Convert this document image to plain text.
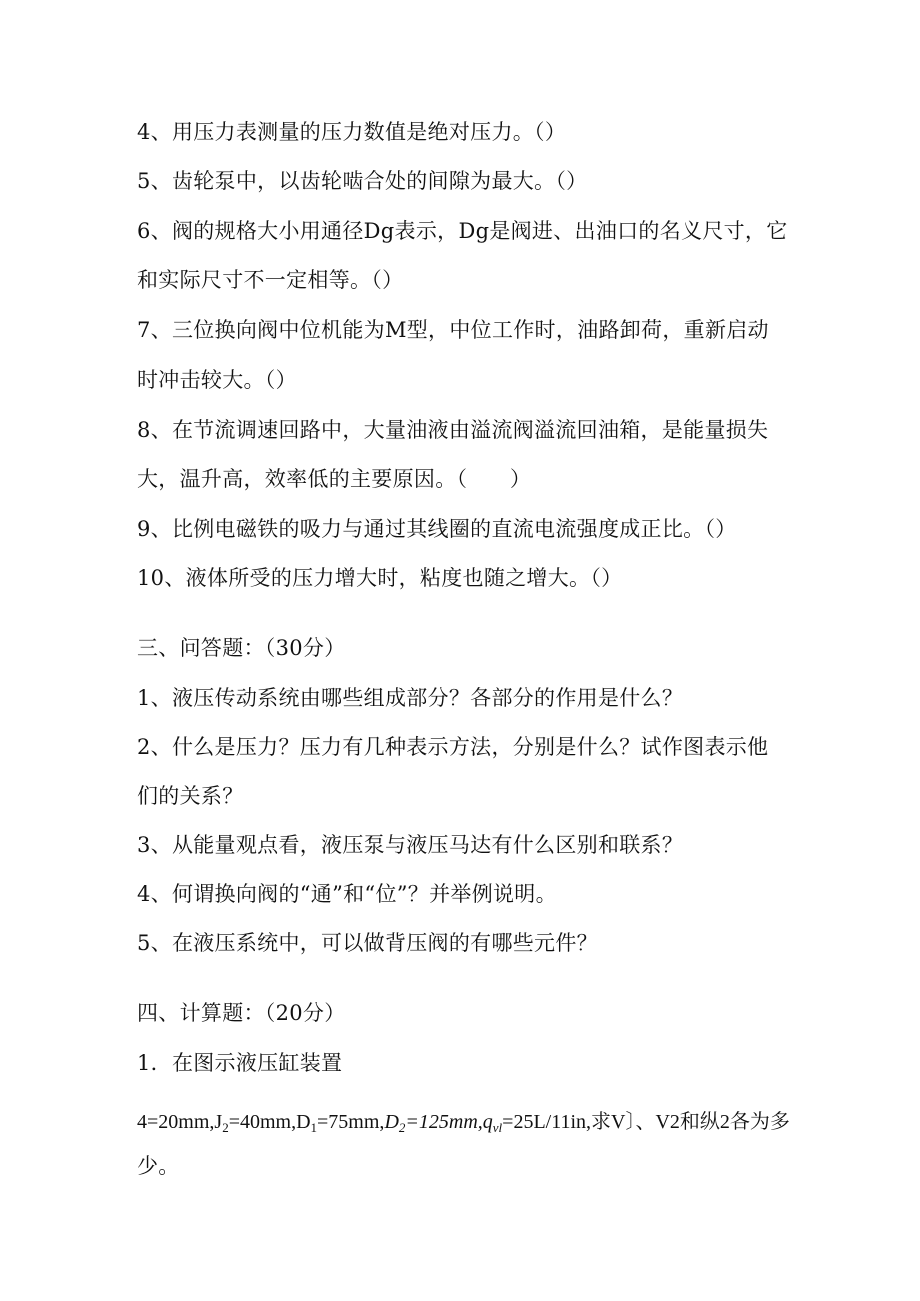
4、用压力表测量的压力数值是绝对压力。（）
5、齿轮泵中，以齿轮啮合处的间隙为最大。（）
6、阀的规格大小用通径Dg表示，Dg是阀进、出油口的名义尺寸，它
和实际尺寸不一定相等。（）
7、三位换向阀中位机能为M型，中位工作时，油路卸荷，重新启动
时冲击较大。（）
8、在节流调速回路中，大量油液由溢流阀溢流回油箱，是能量损失
大，温升高，效率低的主要原因。（　　）
9、比例电磁铁的吸力与通过其线圈的直流电流强度成正比。（）
10、液体所受的压力增大时，粘度也随之增大。（）
三、问答题：（30分）
1、液压传动系统由哪些组成部分？各部分的作用是什么？
2、什么是压力？压力有几种表示方法，分别是什么？试作图表示他
们的关系？
3、从能量观点看，液压泵与液压马达有什么区别和联系？
4、何谓换向阀的“通”和“位”？并举例说明。
5、在液压系统中，可以做背压阀的有哪些元件？
四、计算题：（20分）
1．在图示液压缸装置
$4=20mm,J_2=40mm,D_1=75mm,D_2=125mm,q_{vl}=25L/11in$,求V〕、V2和纵2各为多
少。
